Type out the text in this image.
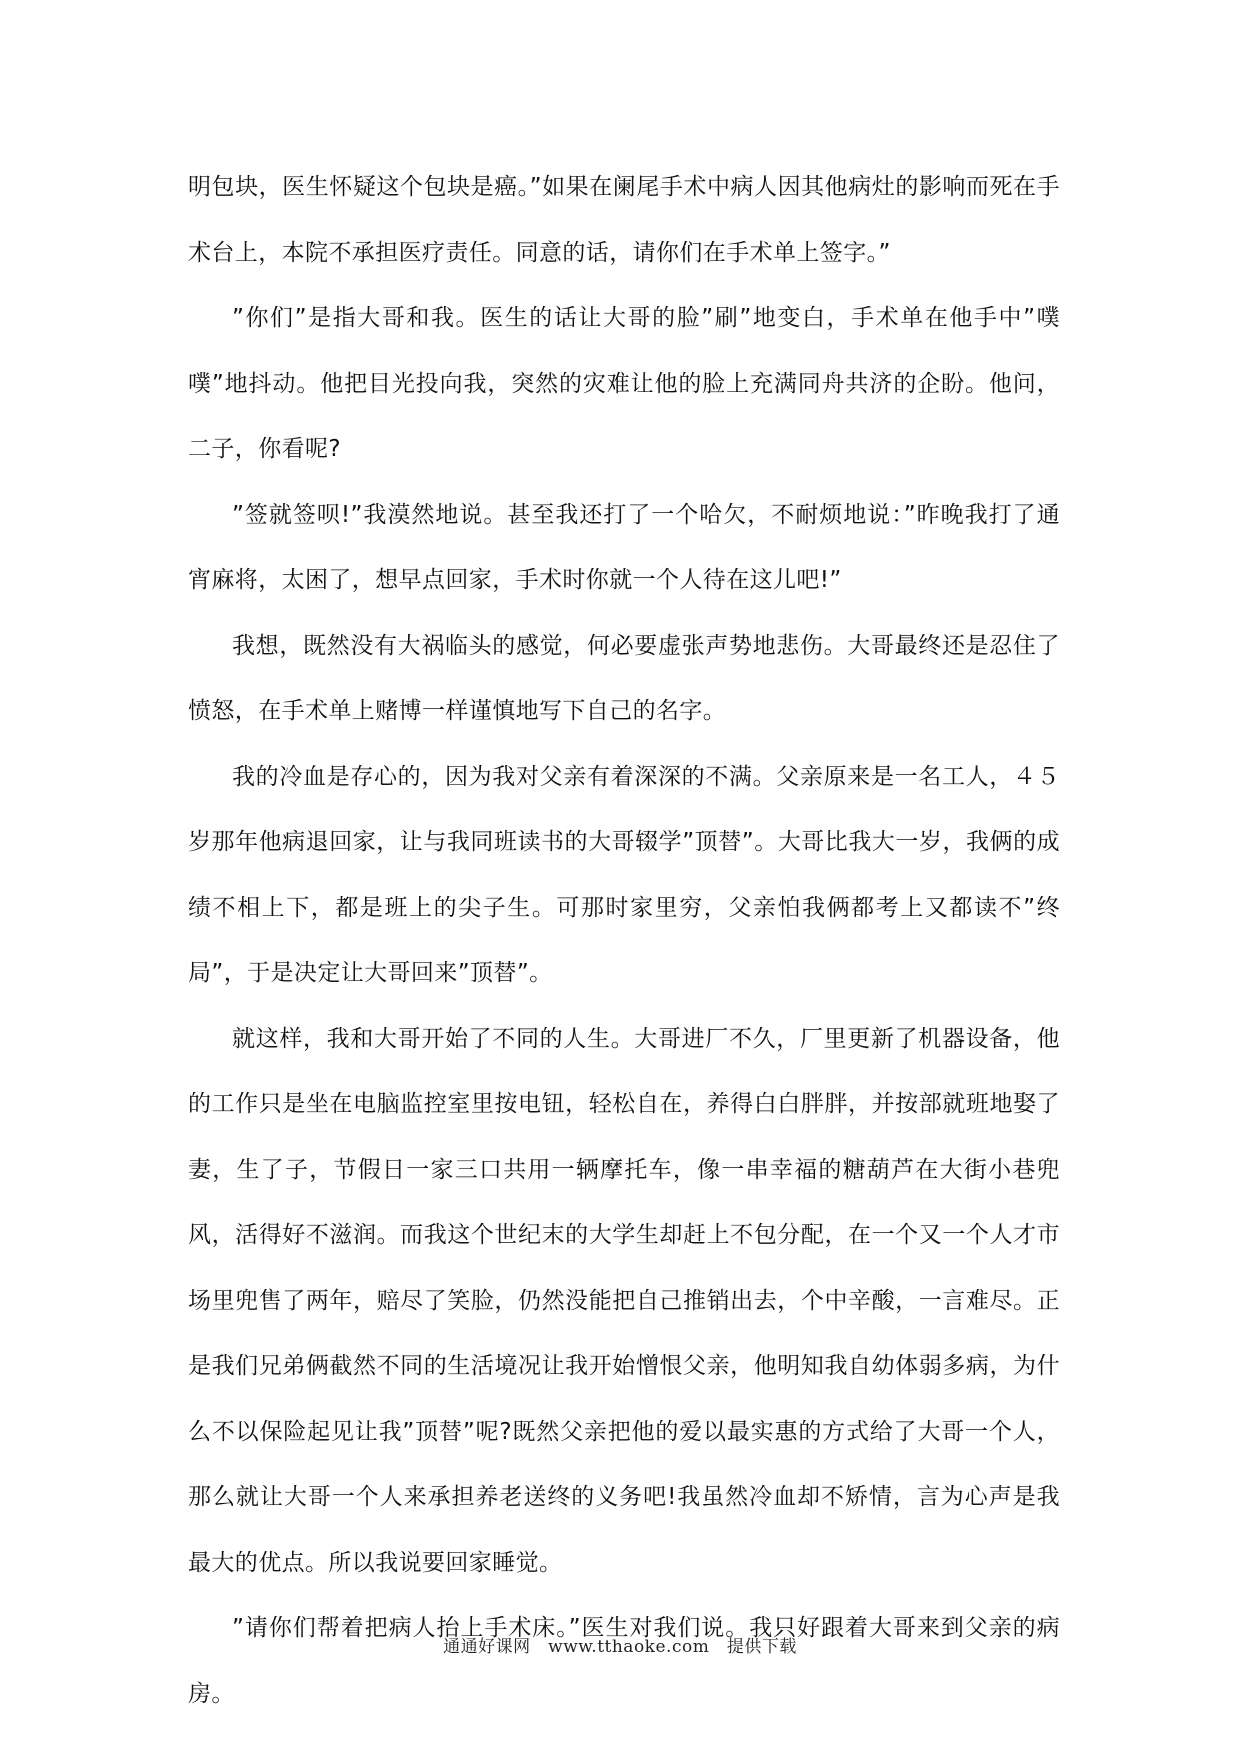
明包块，医生怀疑这个包块是癌。”如果在阑尾手术中病人因其他病灶的影响而死在手术台上，本院不承担医疗责任。同意的话，请你们在手术单上签字。”

”你们”是指大哥和我。医生的话让大哥的脸”刷”地变白，手术单在他手中”噗噗”地抖动。他把目光投向我，突然的灾难让他的脸上充满同舟共济的企盼。他问，二子，你看呢?

”签就签呗!”我漠然地说。甚至我还打了一个哈欠，不耐烦地说：”昨晚我打了通宵麻将，太困了，想早点回家，手术时你就一个人待在这儿吧!”

我想，既然没有大祸临头的感觉，何必要虚张声势地悲伤。大哥最终还是忍住了愤怒，在手术单上赌博一样谨慎地写下自己的名字。

我的冷血是存心的，因为我对父亲有着深深的不满。父亲原来是一名工人，４５岁那年他病退回家，让与我同班读书的大哥辍学”顶替”。大哥比我大一岁，我俩的成绩不相上下，都是班上的尖子生。可那时家里穷，父亲怕我俩都考上又都读不”终局”，于是决定让大哥回来”顶替”。

就这样，我和大哥开始了不同的人生。大哥进厂不久，厂里更新了机器设备，他的工作只是坐在电脑监控室里按电钮，轻松自在，养得白白胖胖，并按部就班地娶了妻，生了子，节假日一家三口共用一辆摩托车，像一串幸福的糖葫芦在大街小巷兜风，活得好不滋润。而我这个世纪末的大学生却赶上不包分配，在一个又一个人才市场里兜售了两年，赔尽了笑脸，仍然没能把自己推销出去，个中辛酸，一言难尽。正是我们兄弟俩截然不同的生活境况让我开始憎恨父亲，他明知我自幼体弱多病，为什么不以保险起见让我”顶替”呢?既然父亲把他的爱以最实惠的方式给了大哥一个人，那么就让大哥一个人来承担养老送终的义务吧!我虽然冷血却不矫情，言为心声是我最大的优点。所以我说要回家睡觉。

”请你们帮着把病人抬上手术床。”医生对我们说。我只好跟着大哥来到父亲的病房。

通通好课网　www.tthaoke.com　提供下载
